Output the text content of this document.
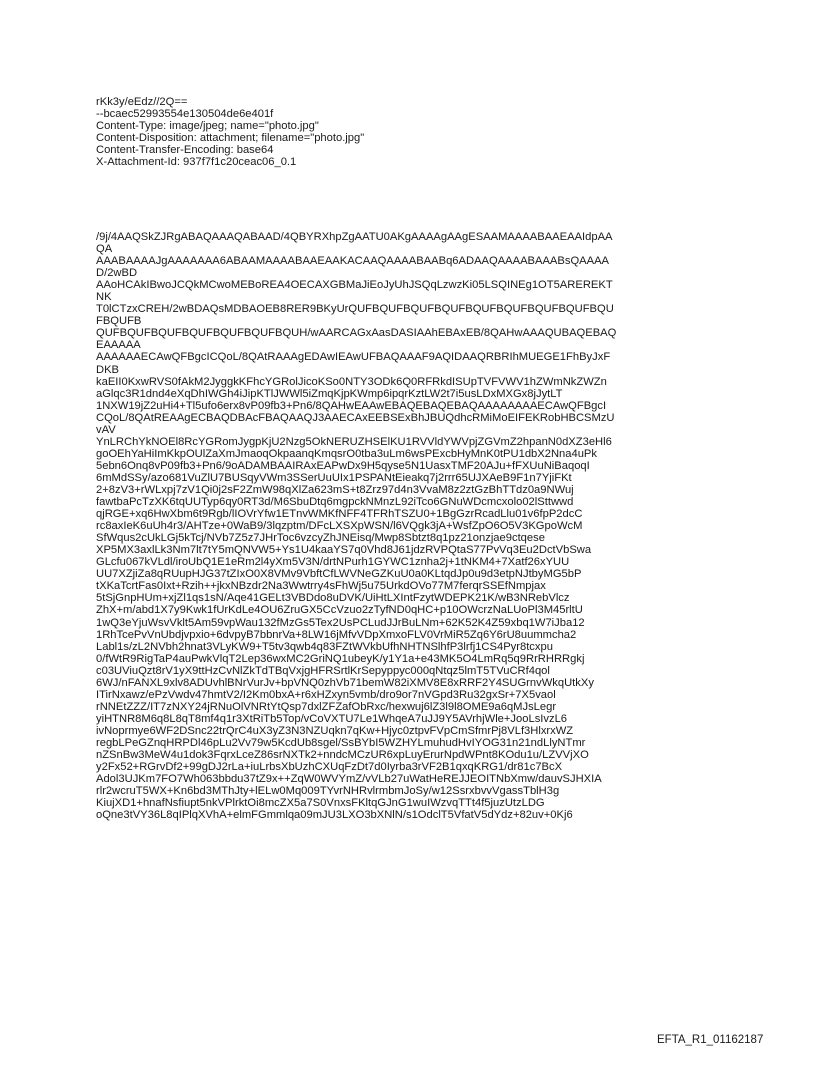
rKk3y/eEdz//2Q==
--bcaec52993554e130504de6e401f
Content-Type: image/jpeg; name="photo.jpg"
Content-Disposition: attachment; filename="photo.jpg"
Content-Transfer-Encoding: base64
X-Attachment-Id: 937f7f1c20ceac06_0.1
/9j/4AAQSkZJRgABAQAAAQABAAD/4QBYRXhpZgAATU0AKgAAAAgAAgESAAMAAAABAAEAAIdpAA
QA
AAABAAAAJgAAAAAAA6ABAAMAAAABAAEAAKACAAQAAAABAABq6ADAAQAAAABAAABsQAAAA
D/2wBD
AAoHCAkIBwoJCQkMCwoMEBoREA4OECAXGBMaJiEoJyUhJSQqLzwzKi05LSQINEg1OT5AREREKT
NK
T0lCTzxCREH/2wBDAQsMDBAOEB8RER9BKyUrQUFBQUFBQUFBQUFBQUFBQUFBQUFBQUFBQU
FBQUFB
QUFBQUFBQUFBQUFBQUFBQUFBQUH/wAARCAGxAasDASIAAhEBAxEB/8QAHwAAAQUBAQEBAQ
EAAAAA
AAAAAAECAwQFBgcICQoL/8QAtRAAAgEDAwIEAwUFBAQAAAF9AQIDAAQRBRIhMUEGE1FhByJxF
DKB
kaEII0KxwRVS0fAkM2JyggkKFhcYGRolJicoKSo0NTY3ODk6Q0RFRkdISUpTVFVWV1hZWmNkZWZn
aGlqc3R1dnd4eXqDhIWGh4iJipKTlJWWl5iZmqKjpKWmp6ipqrKztLW2t7i5usLDxMXGx8jJytLT
1NXW19jZ2uHi4+Tl5ufo6erx8vP09fb3+Pn6/8QAHwEAAwEBAQEBAQEBAQAAAAAAAAECAwQFBgcI
CQoL/8QAtREAAgECBAQDBAcFBAQAAQJ3AAECAxEEBSExBhJBUQdhcRMiMoEIFEKRobHBCSMzU
vAV
YnLRChYkNOEl8RcYGRomJygpKjU2Nzg5OkNERUZHSElKU1RVVldYWVpjZGVmZ2hpanN0dXZ3eHl6
goOEhYaHiImKkpOUlZaXmJmaoqOkpaanqKmqsrO0tba3uLm6wsPExcbHyMnK0tPU1dbX2Nna4uPk
5ebn6Onq8vP09fb3+Pn6/9oADAMBAAIRAxEAPwDx9H5qyse5N1UasxTMF20AJu+fFXUuNiBaqoqI
6mMdSSy/azo681VuZlU7BUSqyVWm3SSerUuUIx1PSPANtEieakq7j2rrr65UJXAeB9F1n7YjiFKt
2+8zV3+rWLxpj7zV1Qi0j2sF2ZmW98qXlZa623mS+t8Zrz97d4n3VvaM8z2ztGzBhTTdz0a9NWuj
fawtbaPcTzXK6tqUUTyp6qy0RT3d/M6SbuDtq6mgpckNMnzL92iTco6GNuWDcmcxolo02lSttwwd
qjRGE+xq6HwXbm6t9Rgb/lIOVrYfw1ETnvWMKfNFF4TFRhTSZU0+1BgGzrRcadLlu01v6fpP2dcC
rc8axIeK6uUh4r3/AHTze+0WaB9/3lqzptm/DFcLXSXpWSN/l6VQgk3jA+WsfZpO6O5V3KGpoWcM
SfWqus2cUkLGj5kTcj/NVb7Z5z7JHrToc6vzcyZhJNEisq/Mwp8Sbtzt8q1pz21onzjae9ctqese
XP5MX3axlLk3Nm7lt7tY5mQNVW5+Ys1U4kaaYS7q0Vhd8J61jdzRVPQtaS77PvVq3Eu2DctVbSwa
GLcfu067kVLdl/iroUbQ1E1eRm2l4yXm5V3N/drtNPurh1GYWC1znha2j+1tNKM4+7Xatf26xYUU
UU7XZjiZa8qRUupHJG37tZIxO0X8VMv9VbftCfLWVNeGZKuU0a0KLtqdJp0u9d3etpNJtbyMG5bP
tXKaTcrtFas0Ixt+Rzih++jkxNBzdr2Na3Wwtrry4sFhWj5u75UrkdOVo77M7ferqrSSEfNmpjax
5tSjGnpHUm+xjZl1qs1sN/Aqe41GELt3VBDdo8uDVK/UiHtLXIntFzytWDEPK21K/wB3NRebVlcz
ZhX+m/abd1X7y9Kwk1fUrKdLe4OU6ZruGX5CcVzuo2zTyfND0qHC+p10OWcrzNaLUoPl3M45rltU
1wQ3eYjuWsvVklt5Am59vpWau132fMzGs5Tex2UsPCLudJJrBuLNm+62K52K4Z59xbq1W7iJba12
1RhTcePvVnUbdjvpxio+6dvpyB7bbnrVa+8LW16jMfvVDpXmxoFLV0VrMiR5Zq6Y6rU8uummcha2
Labl1s/zL2NVbh2hnat3VLyKW9+T5tv3qwb4q83FZtWVkbUfhNHTNSlhfP3lrfj1CS4Pyr8tcxpu
0/fWtR9RigTaP4auPwkVlqT2Lep36wxMC2GriNQ1ubeyK/y1Y1a+e43MK5O4LmRq5q9RrRHRRgkj
c03UViuQzt8rV1yX9ttHzCvNlZkTdTBqVxjgHFRSrtlKrSepyppyc000qNtqz5lmT5TVuCRf4qol
6WJ/nFANXL9xlv8ADUvhlBNrVurJv+bpVNQ0zhVb71bemW82iXMV8E8xRRF2Y4SUGrnvWkqUtkXy
ITirNxawz/ePzVwdv47hmtV2/I2Km0bxA+r6xHZxyn5vmb/dro9or7nVGpd3Ru32gxSr+7X5vaol
rNNEtZZZ/IT7zNXY24jRNuOlVNRtYtQsp7dxlZFZafObRxc/hexwuj6lZ3l9l8OME9a6qMJsLegr
yiHTNR8M6q8L8qT8mf4q1r3XtRiTb5Top/vCoVXTU7Le1WhqeA7uJJ9Y5AVrhjWle+JooLsIvzL6
ivNoprmye6WF2DSnc22trQrC4uX3yZ3N3NZUqkn7qKw+Hjyc0ztpvFVpCmSfmrPj8VLf3HlxrxWZ
regbLPeGZnqHRPDl46pLu2Vv79w5KcdUb8sgel/SsBYbI5WZHYLmuhudHvIYOG31n21ndLlyNTmr
nZSnBw3MeW4u1dok3FqrxLceZ86srNXTk2+nndcMCzUR6xpLuyErurNpdWPnt8KOdu1u/LZVVjXO
y2Fx52+RGrvDf2+99gDJ2rLa+iuLrbsXbUzhCXUqFzDt7d0Iyrba3rVF2B1qxqKRG1/dr81c7BcX
Adol3UJKm7FO7Wh063bbdu37tZ9x++ZqW0WVYmZ/vVLb27uWatHeREJJEOITNbXmw/dauvSJHXIA
rlr2wcruT5WX+Kn6bd3MThJty+lELw0Mq009TYvrNHRvlrmbmJoSy/w12SsrxbvvVgassTblH3g
KiujXD1+hnafNsfiupt5nkVPlrktOi8mcZX5a7S0VnxsFKltqGJnG1wuIWzvqTTt4f5juzUtzLDG
oQne3tVY36L8qIPlqXVhA+elmFGmmlqa09mJU3LXO3bXNlN/s1OdclT5VfatV5dYdz+82uv+0Kj6
EFTA_R1_01162187
